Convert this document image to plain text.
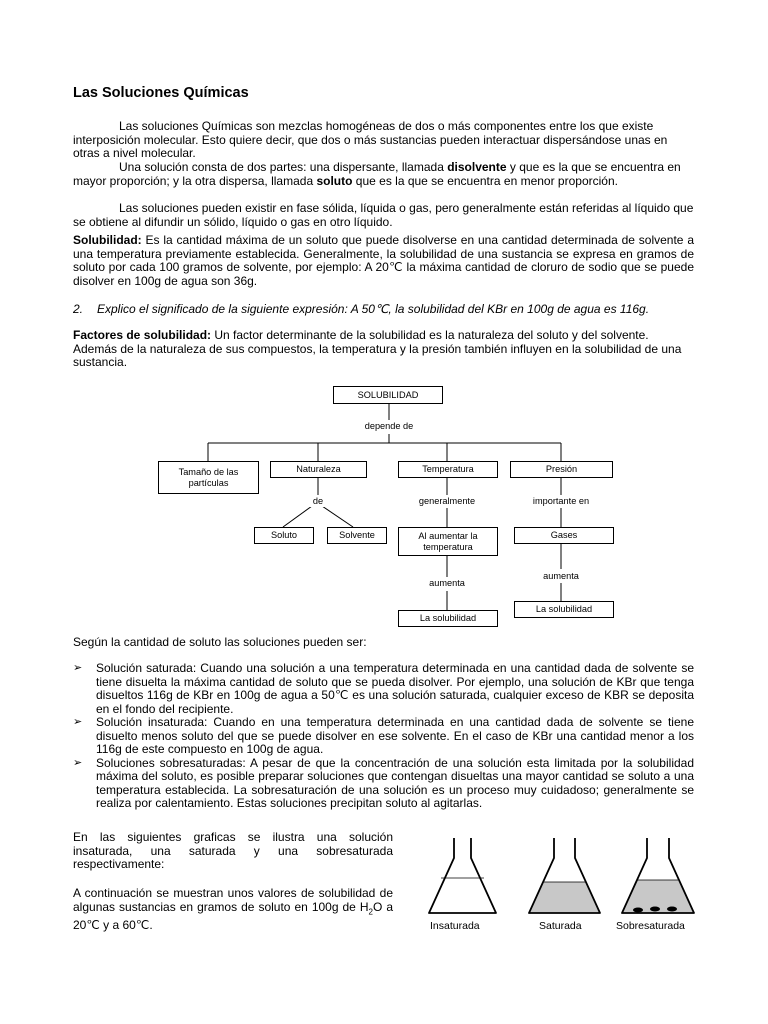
Las Soluciones Químicas

Las soluciones Químicas son mezclas homogéneas de dos o más componentes entre los que existe interposición molecular. Esto quiere decir, que dos o más sustancias pueden interactuar dispersándose unas en otras a nivel molecular.

Una solución consta de dos partes: una dispersante, llamada disolvente y que es la que se encuentra en mayor proporción; y la otra dispersa, llamada soluto que es la que se encuentra en menor proporción.

Las soluciones pueden existir en fase sólida, líquida o gas, pero generalmente están referidas al líquido que se obtiene al difundir un sólido, líquido o gas en otro líquido.

Solubilidad: Es la cantidad máxima de un soluto que puede disolverse en una cantidad determinada de solvente a una temperatura previamente establecida. Generalmente, la solubilidad de una sustancia se expresa en gramos de soluto por cada 100 gramos de solvente, por ejemplo: A 20℃ la máxima cantidad de cloruro de sodio que se puede disolver en 100g de agua son 36g.

2. Explico el significado de la siguiente expresión: A 50℃, la solubilidad del KBr en 100g de agua es 116g.

Factores de solubilidad: Un factor determinante de la solubilidad es la naturaleza del soluto y del solvente. Además de la naturaleza de sus compuestos, la temperatura y la presión también influyen en la solubilidad de una sustancia.

SOLUBILIDAD
depende de
Tamaño de las partículas
Naturaleza	Temperatura	Presión
de	generalmente	importante en
Soluto	Solvente	Al aumentar la temperatura
Gases
aumenta
aumenta
La solubilidad
La solubilidad

Según la cantidad de soluto las soluciones pueden ser:

➢ Solución saturada: Cuando una solución a una temperatura determinada en una cantidad dada de solvente se tiene disuelta la máxima cantidad de soluto que se pueda disolver. Por ejemplo, una solución de KBr que tenga disueltos 116g de KBr en 100g de agua a 50℃ es una solución saturada, cualquier exceso de KBR se deposita en el fondo del recipiente.
➢ Solución insaturada: Cuando en una temperatura determinada en una cantidad dada de solvente se tiene disuelto menos soluto del que se puede disolver en ese solvente. En el caso de KBr una cantidad menor a los 116g de este compuesto en 100g de agua.
➢ Soluciones sobresaturadas: A pesar de que la concentración de una solución esta limitada por la solubilidad máxima del soluto, es posible preparar soluciones que contengan disueltas una mayor cantidad se soluto a una temperatura establecida. La sobresaturación de una solución es un proceso muy cuidadoso; generalmente se realiza por calentamiento. Estas soluciones precipitan soluto al agitarlas.

En las siguientes graficas se ilustra una solución insaturada, una saturada y una sobresaturada respectivamente:

A continuación se muestran unos valores de solubilidad de algunas sustancias en gramos de soluto en 100g de $H_2O$ a 20℃ y a 60℃.	Insaturada	Saturada	Sobresaturada
